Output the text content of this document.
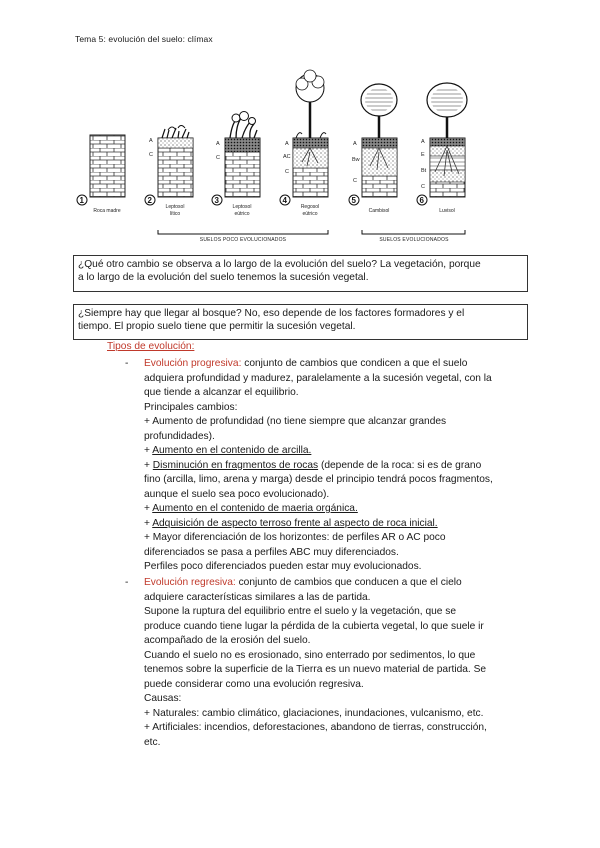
Tema 5: evolución del suelo: clímax
A
C
A
C
A
AC
C
A
Bw
C
A
E
Bt
C
1	2	3	4	5	6
Roca madre
Leptosol
lítico
Leptosol
eútrico
Regosol
eútrico	Cambisol	Luvisol
SUELOS POCO EVOLUCIONADOS	SUELOS EVOLUCIONADOS

¿Qué otro cambio se observa a lo largo de la evolución del suelo? La vegetación, porque

a lo largo de la evolución del suelo tenemos la sucesión vegetal.

¿Siempre hay que llegar al bosque? No, eso depende de los factores formadores y el

tiempo. El propio suelo tiene que permitir la sucesión vegetal.

Tipos de evolución:
- Evolución progresiva: conjunto de cambios que condicen a que el suelo

adquiera profundidad y madurez, paralelamente a la sucesión vegetal, con la

que tiende a alcanzar el equilibrio.

Principales cambios:

+ Aumento de profundidad (no tiene siempre que alcanzar grandes

profundidades).

+ Aumento en el contenido de arcilla.

+ Disminución en fragmentos de rocas (depende de la roca: si es de grano

fino (arcilla, limo, arena y marga) desde el principio tendrá pocos fragmentos,

aunque el suelo sea poco evolucionado).

+ Aumento en el contenido de maeria orgánica.

+ Adquisición de aspecto terroso frente al aspecto de roca inicial.

+ Mayor diferenciación de los horizontes: de perfiles AR o AC poco

diferenciados se pasa a perfiles ABC muy diferenciados.

Perfiles poco diferenciados pueden estar muy evolucionados.

- Evolución regresiva: conjunto de cambios que conducen a que el cielo

adquiere características similares a las de partida.

Supone la ruptura del equilibrio entre el suelo y la vegetación, que se

produce cuando tiene lugar la pérdida de la cubierta vegetal, lo que suele ir

acompañado de la erosión del suelo.

Cuando el suelo no es erosionado, sino enterrado por sedimentos, lo que

tenemos sobre la superficie de la Tierra es un nuevo material de partida. Se

puede considerar como una evolución regresiva.

Causas:

+ Naturales: cambio climático, glaciaciones, inundaciones, vulcanismo, etc.

+ Artificiales: incendios, deforestaciones, abandono de tierras, construcción,

etc.
